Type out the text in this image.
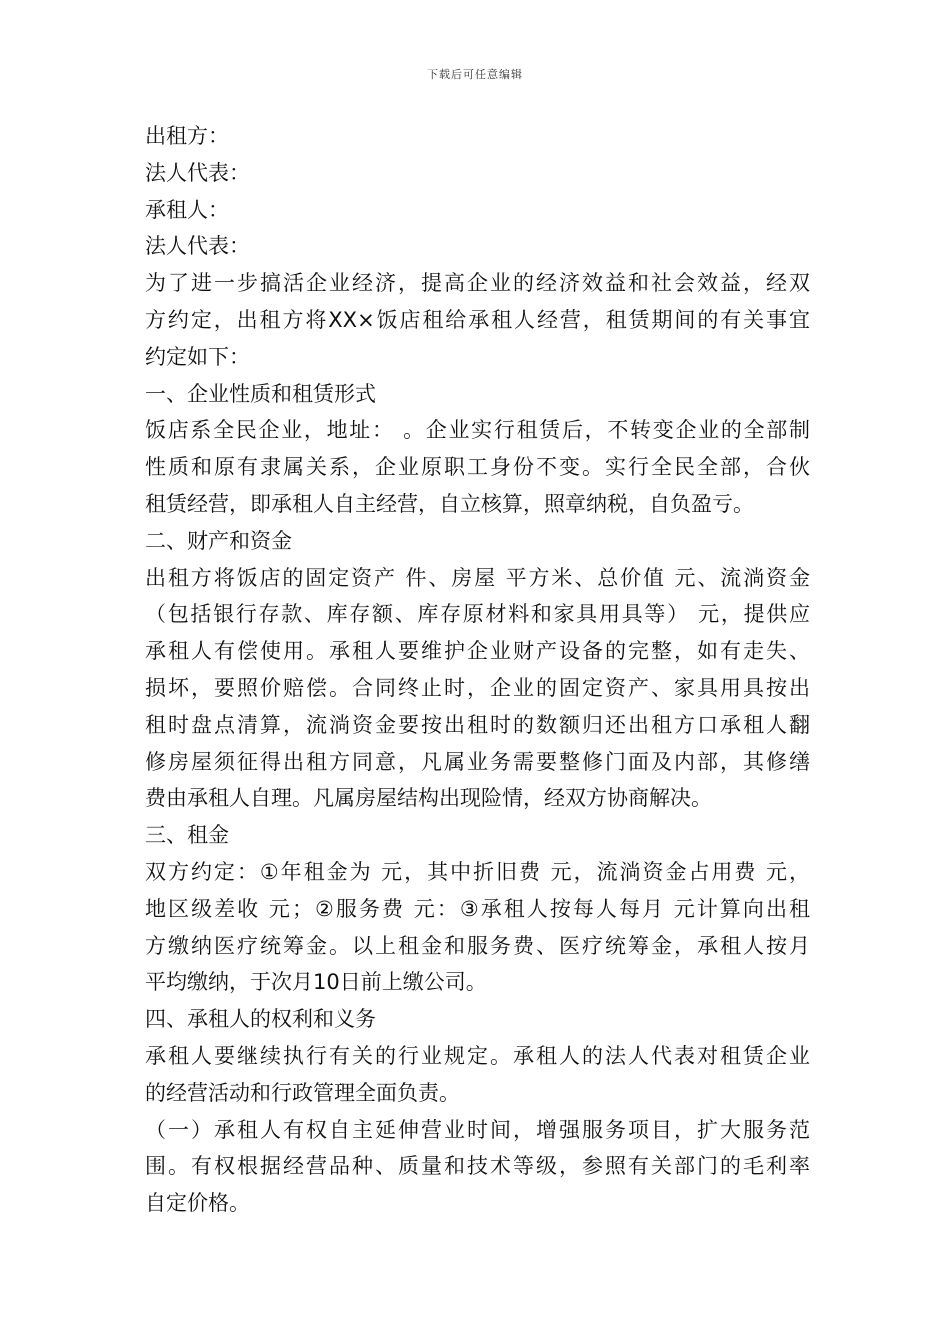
下载后可任意编辑
出租方：
法人代表：
承租人：
法人代表：
为了进一步搞活企业经济，提高企业的经济效益和社会效益，经双
方约定，出租方将XX×饭店租给承租人经营，租赁期间的有关事宜
约定如下：
一、企业性质和租赁形式
饭店系全民企业，地址： 。企业实行租赁后，不转变企业的全部制
性质和原有隶属关系，企业原职工身份不变。实行全民全部，合伙
租赁经营，即承租人自主经营，自立核算，照章纳税，自负盈亏。
二、财产和资金
出租方将饭店的固定资产 件、房屋 平方米、总价值 元、流淌资金
（包括银行存款、库存额、库存原材料和家具用具等） 元，提供应
承租人有偿使用。承租人要维护企业财产设备的完整，如有走失、
损坏，要照价赔偿。合同终止时，企业的固定资产、家具用具按出
租时盘点清算，流淌资金要按出租时的数额归还出租方口承租人翻
修房屋须征得出租方同意，凡属业务需要整修门面及内部，其修缮
费由承租人自理。凡属房屋结构出现险情，经双方协商解决。
三、租金
双方约定：①年租金为 元，其中折旧费 元，流淌资金占用费 元，
地区级差收 元；②服务费 元：③承租人按每人每月 元计算向出租
方缴纳医疗统筹金。以上租金和服务费、医疗统筹金，承租人按月
平均缴纳，于次月10日前上缴公司。
四、承租人的权利和义务
承租人要继续执行有关的行业规定。承租人的法人代表对租赁企业
的经营活动和行政管理全面负责。
（一）承租人有权自主延伸营业时间，增强服务项目，扩大服务范
围。有权根据经营品种、质量和技术等级，参照有关部门的毛利率
自定价格。
